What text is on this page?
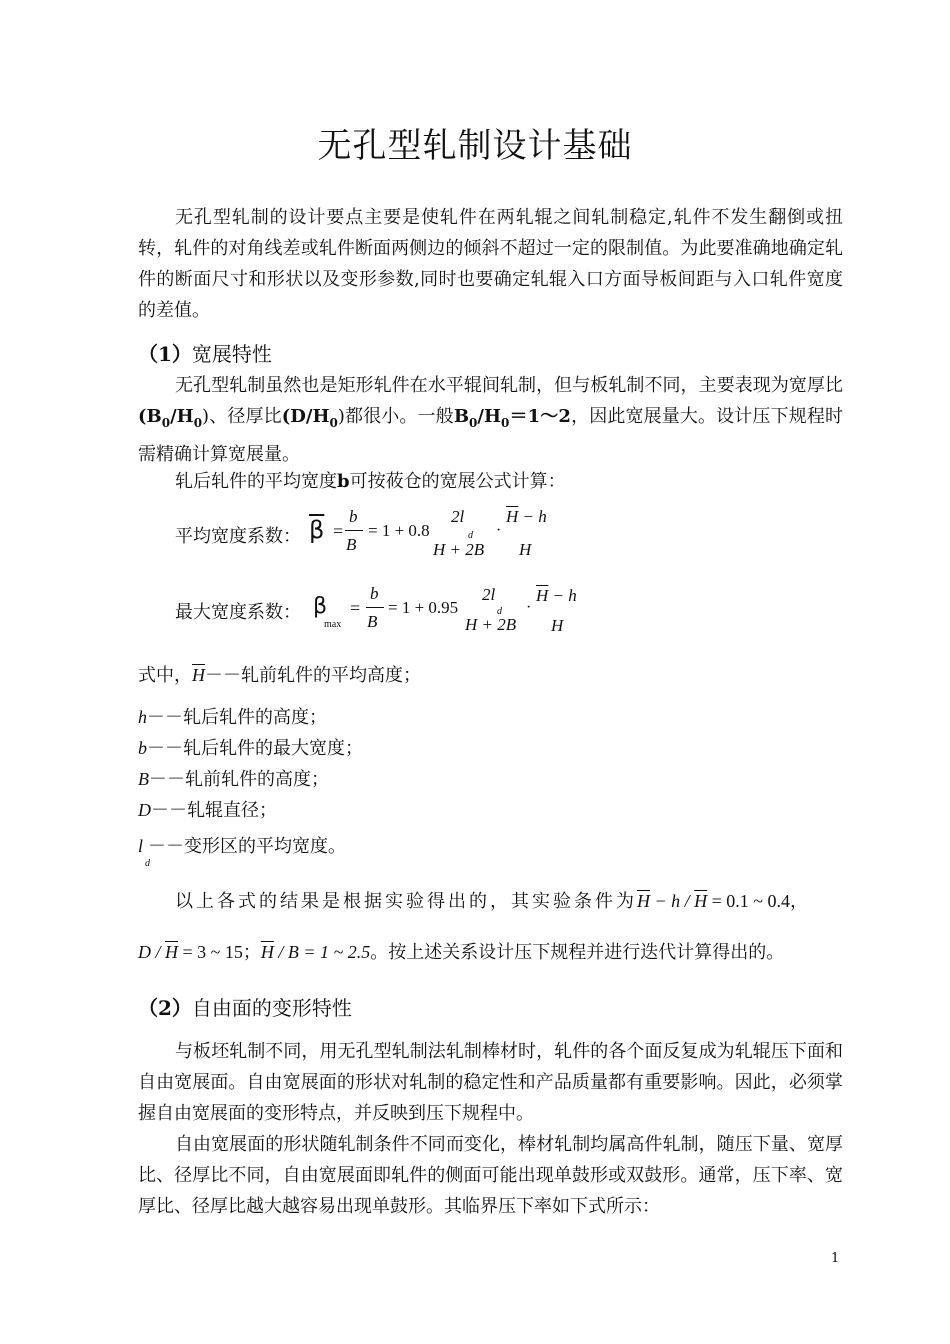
无孔型轧制设计基础
无孔型轧制的设计要点主要是使轧件在两轧辊之间轧制稳定,轧件不发生翻倒或扭转，轧件的对角线差或轧件断面两侧边的倾斜不超过一定的限制值。为此要准确地确定轧件的断面尺寸和形状以及变形参数,同时也要确定轧辊入口方面导板间距与入口轧件宽度的差值。
（1）宽展特性
无孔型轧制虽然也是矩形轧件在水平辊间轧制，但与板轧制不同，主要表现为宽厚比$(B_0/H_0)$、径厚比$(D/H_0)$都很小。一般$B_0/H_0=1\sim 2$，因此宽展量大。设计压下规程时需精确计算宽展量。
轧后轧件的平均宽度b可按莜仓的宽展公式计算：
平均宽度系数： $\overline{\beta}$ =
b
B
= 1 + 0.8
2l
d
H + 2B
·
$\overline{H} - h$
H
最大宽度系数： β
max
=
b
B
= 1 + 0.95
2l
d
H + 2B
·
$\overline{H} - h$
H
式中，$\overline{H}--$轧前轧件的平均高度；
h－－轧后轧件的高度；
b－－轧后轧件的最大宽度；
B－－轧前轧件的高度；
D－－轧辊直径；
$l_d--$变形区的平均宽度。
以上各式的结果是根据实验得出的，其实验条件为$\overline{H} - h / \overline{H} = 0.1$ ~ 0.4，
$D / \overline{H} = 3$ ~ 15；$\overline{H} / B = 1$ ~ 2.5。按上述关系设计压下规程并进行迭代计算得出的。
（2）自由面的变形特性
与板坯轧制不同，用无孔型轧制法轧制棒材时，轧件的各个面反复成为轧辊压下面和自由宽展面。自由宽展面的形状对轧制的稳定性和产品质量都有重要影响。因此，必须掌握自由宽展面的变形特点，并反映到压下规程中。
自由宽展面的形状随轧制条件不同而变化，棒材轧制均属高件轧制，随压下量、宽厚比、径厚比不同，自由宽展面即轧件的侧面可能出现单鼓形或双鼓形。通常，压下率、宽厚比、径厚比越大越容易出现单鼓形。其临界压下率如下式所示：
1
